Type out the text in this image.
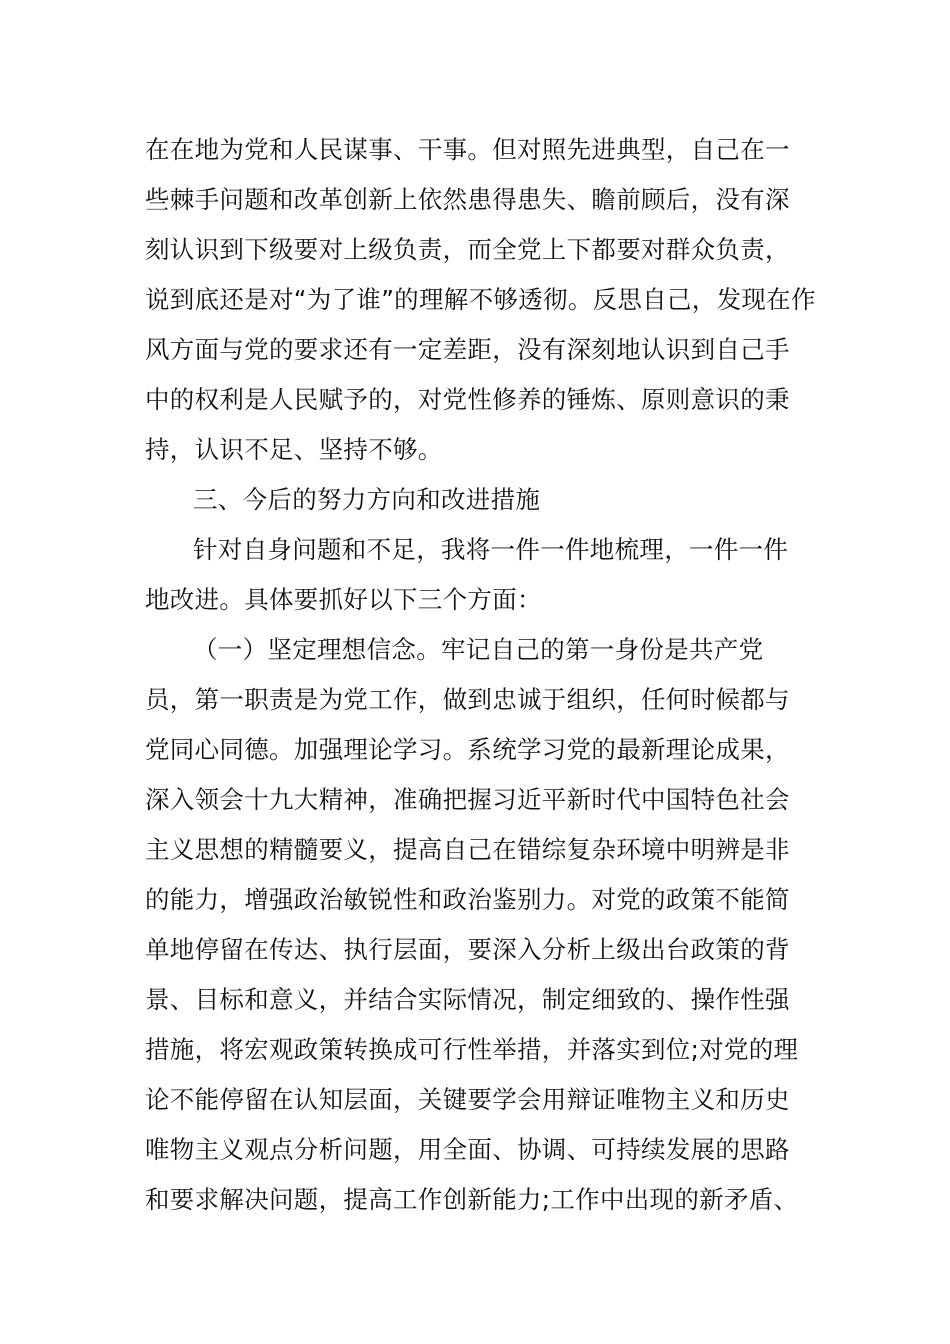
在在地为党和人民谋事、干事。但对照先进典型，自己在一
些棘手问题和改革创新上依然患得患失、瞻前顾后，没有深
刻认识到下级要对上级负责，而全党上下都要对群众负责，
说到底还是对“为了谁”的理解不够透彻。反思自己，发现在作
风方面与党的要求还有一定差距，没有深刻地认识到自己手
中的权利是人民赋予的，对党性修养的锤炼、原则意识的秉
持，认识不足、坚持不够。
三、今后的努力方向和改进措施
针对自身问题和不足，我将一件一件地梳理，一件一件
地改进。具体要抓好以下三个方面：
（一）坚定理想信念。牢记自己的第一身份是共产党
员，第一职责是为党工作，做到忠诚于组织，任何时候都与
党同心同德。加强理论学习。系统学习党的最新理论成果，
深入领会十九大精神，准确把握习近平新时代中国特色社会
主义思想的精髓要义，提高自己在错综复杂环境中明辨是非
的能力，增强政治敏锐性和政治鉴别力。对党的政策不能简
单地停留在传达、执行层面，要深入分析上级出台政策的背
景、目标和意义，并结合实际情况，制定细致的、操作性强
措施，将宏观政策转换成可行性举措，并落实到位;对党的理
论不能停留在认知层面，关键要学会用辩证唯物主义和历史
唯物主义观点分析问题，用全面、协调、可持续发展的思路
和要求解决问题，提高工作创新能力;工作中出现的新矛盾、
